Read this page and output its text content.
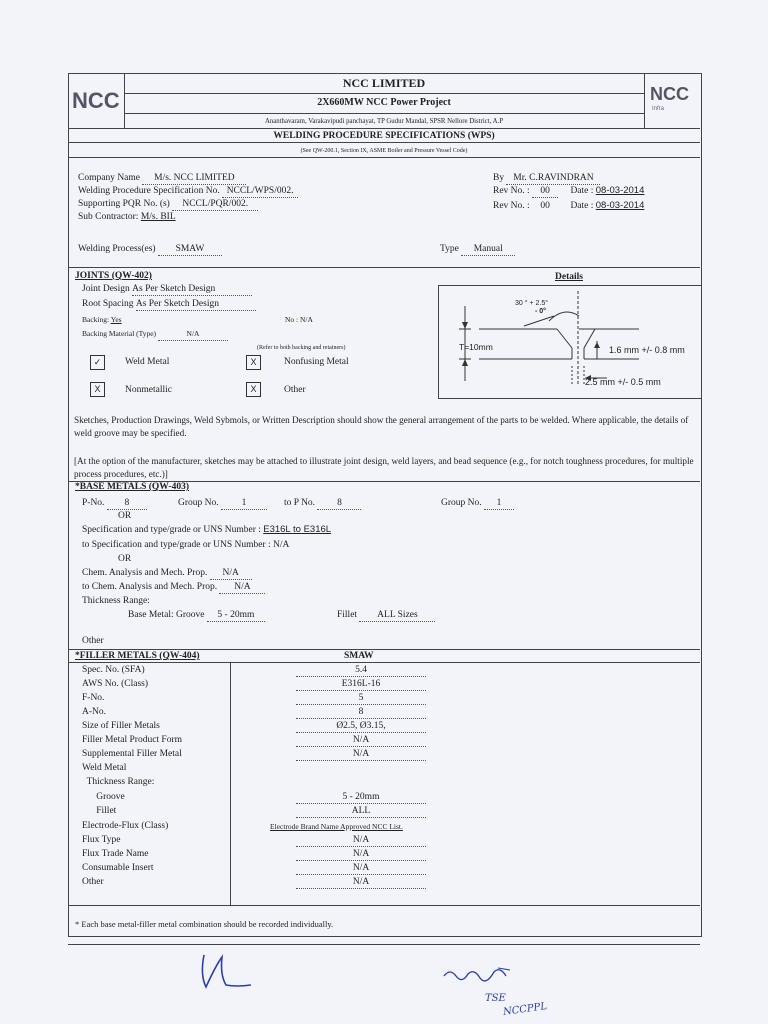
NCC	NCC
Infra
NCC LIMITED
2X660MW NCC Power Project
Ananthavaram, Varakavipudi panchayat, TP Gudur Mandal, SPSR Nellore District, A.P
WELDING PROCEDURE SPECIFICATIONS (WPS)
(See QW-200.1, Section IX, ASME Boiler and Pressure Vessel Code)
Company Name M/s. NCC LIMITED
Welding Procedure Specification No. NCCL/WPS/002.
Supporting PQR No. (s) NCCL/PQR/002.
Sub Contractor: M/s. BIL
By Mr. C.RAVINDRAN
Rev No. : 00 Date : 08-03-2014
Rev No. : 00 Date : 08-03-2014
Welding Process(es) SMAW	Type Manual
JOINTS (QW-402)	Details
Joint Design As Per Sketch Design
Root Spacing As Per Sketch Design
Backing: Yes	No : N/A
Backing Material (Type)	N/A
(Refer to both backing and retainers)
✓	Weld Metal	X	Nonfusing Metal
X	Nonmetallic	X	Other
30 ° + 2.5°
- 0°
T=10mm	1.6 mm +/- 0.8 mm
2.5 mm +/- 0.5 mm
Sketches, Production Drawings, Weld Sybmols, or Written Description should show the general arrangement of the parts to be welded. Where applicable, the details of weld groove may be specified.
[At the option of the manufacturer, sketches may be attached to illustrate joint design, weld layers, and bead sequence (e.g., for notch toughness procedures, for multiple process procedures, etc.)]
*BASE METALS (QW-403)
P-No. 8	Group No. 1	to P No. 8	Group No. 1
OR
Specification and type/grade or UNS Number : E316L to E316L
to Specification and type/grade or UNS Number : N/A
OR
Chem. Analysis and Mech. Prop. N/A
to Chem. Analysis and Mech. Prop. N/A
Thickness Range:
Base Metal: Groove 5 - 20mm	Fillet ALL Sizes
Other
*FILLER METALS (QW-404)	SMAW
Spec. No. (SFA)	5.4
AWS No. (Class)	E316L-16
F-No.	5
A-No.	8
Size of Filler Metals	Ø2.5, Ø3.15,
Filler Metal Product Form	N/A
Supplemental Filler Metal	N/A
Weld Metal
Thickness Range:
Groove	5 - 20mm
Fillet	ALL
Electrode-Flux (Class)	Electrode Brand Name Approved NCC List.
Flux Type	N/A
Flux Trade Name	N/A
Consumable Insert	N/A
Other	N/A
* Each base metal-filler metal combination should be recorded individually.
TSE
NCCPPL
